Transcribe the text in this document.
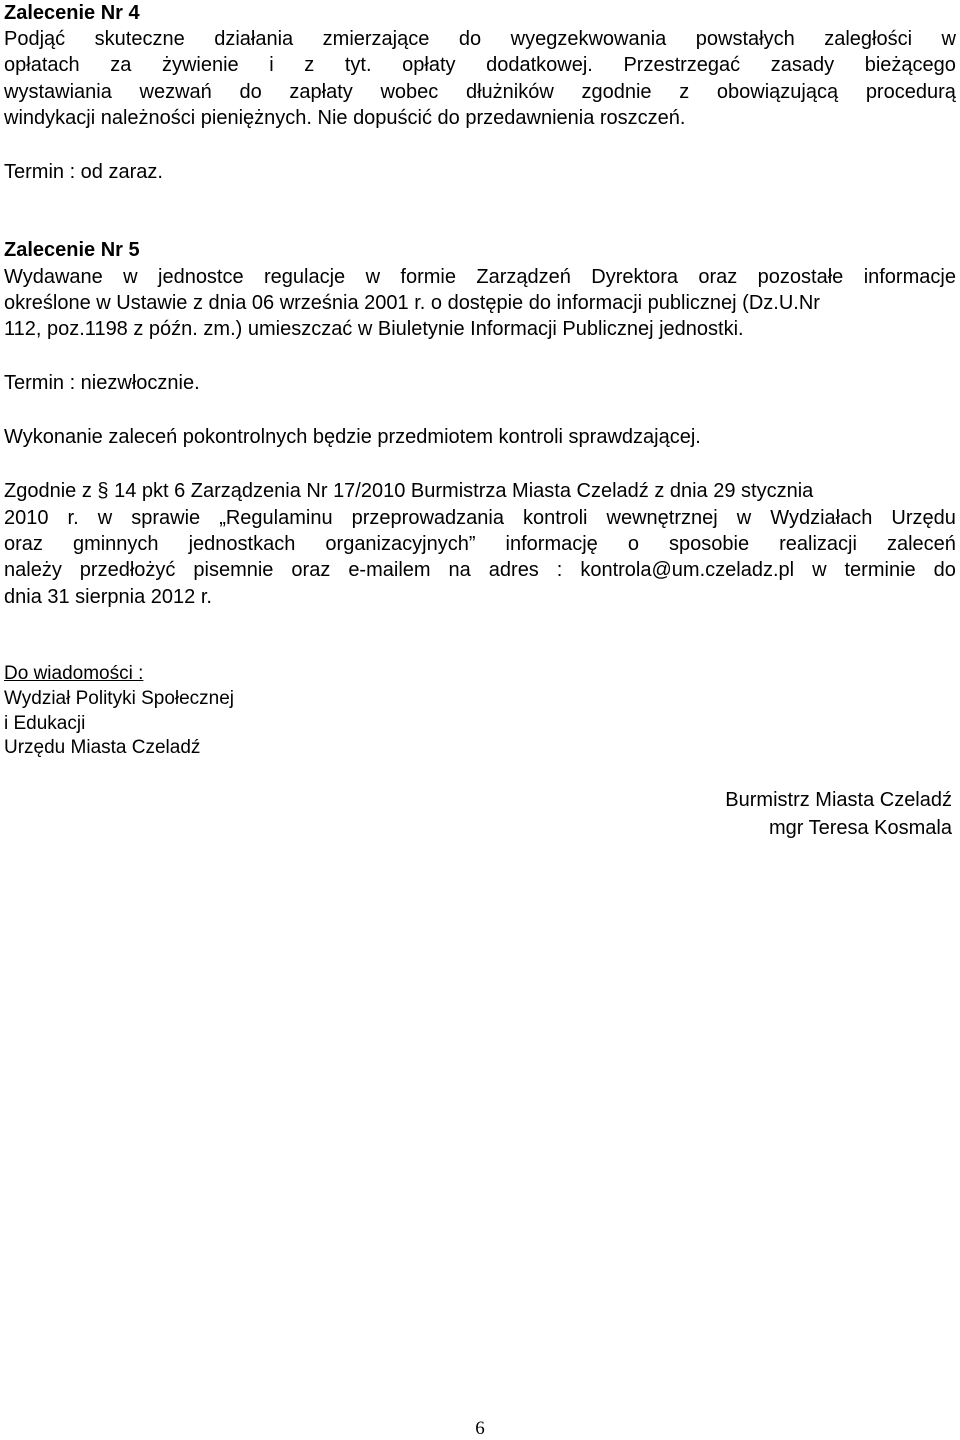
Zalecenie Nr 4
Podjąć skuteczne działania zmierzające do wyegzekwowania powstałych zaległości w
opłatach za żywienie i z tyt. opłaty dodatkowej. Przestrzegać zasady bieżącego
wystawiania wezwań do zapłaty wobec dłużników zgodnie z obowiązującą procedurą
windykacji należności pieniężnych. Nie dopuścić do przedawnienia roszczeń.
Termin : od zaraz.
Zalecenie Nr 5
Wydawane w jednostce regulacje w formie Zarządzeń Dyrektora oraz pozostałe informacje
określone w Ustawie z dnia 06 września 2001 r. o dostępie do informacji publicznej (Dz.U.Nr
112, poz.1198 z późn. zm.) umieszczać w Biuletynie Informacji Publicznej jednostki.
Termin : niezwłocznie.
Wykonanie zaleceń pokontrolnych będzie przedmiotem kontroli sprawdzającej.
Zgodnie z § 14 pkt 6 Zarządzenia Nr 17/2010 Burmistrza Miasta Czeladź z dnia 29 stycznia
2010 r. w sprawie „Regulaminu przeprowadzania kontroli wewnętrznej w Wydziałach Urzędu
oraz gminnych jednostkach organizacyjnych” informację o sposobie realizacji zaleceń
należy przedłożyć pisemnie oraz e-mailem na adres : kontrola@um.czeladz.pl w terminie do
dnia 31 sierpnia 2012 r.
Do wiadomości :
Wydział Polityki Społecznej
i Edukacji
Urzędu Miasta Czeladź
Burmistrz Miasta Czeladź
mgr Teresa Kosmala
6
